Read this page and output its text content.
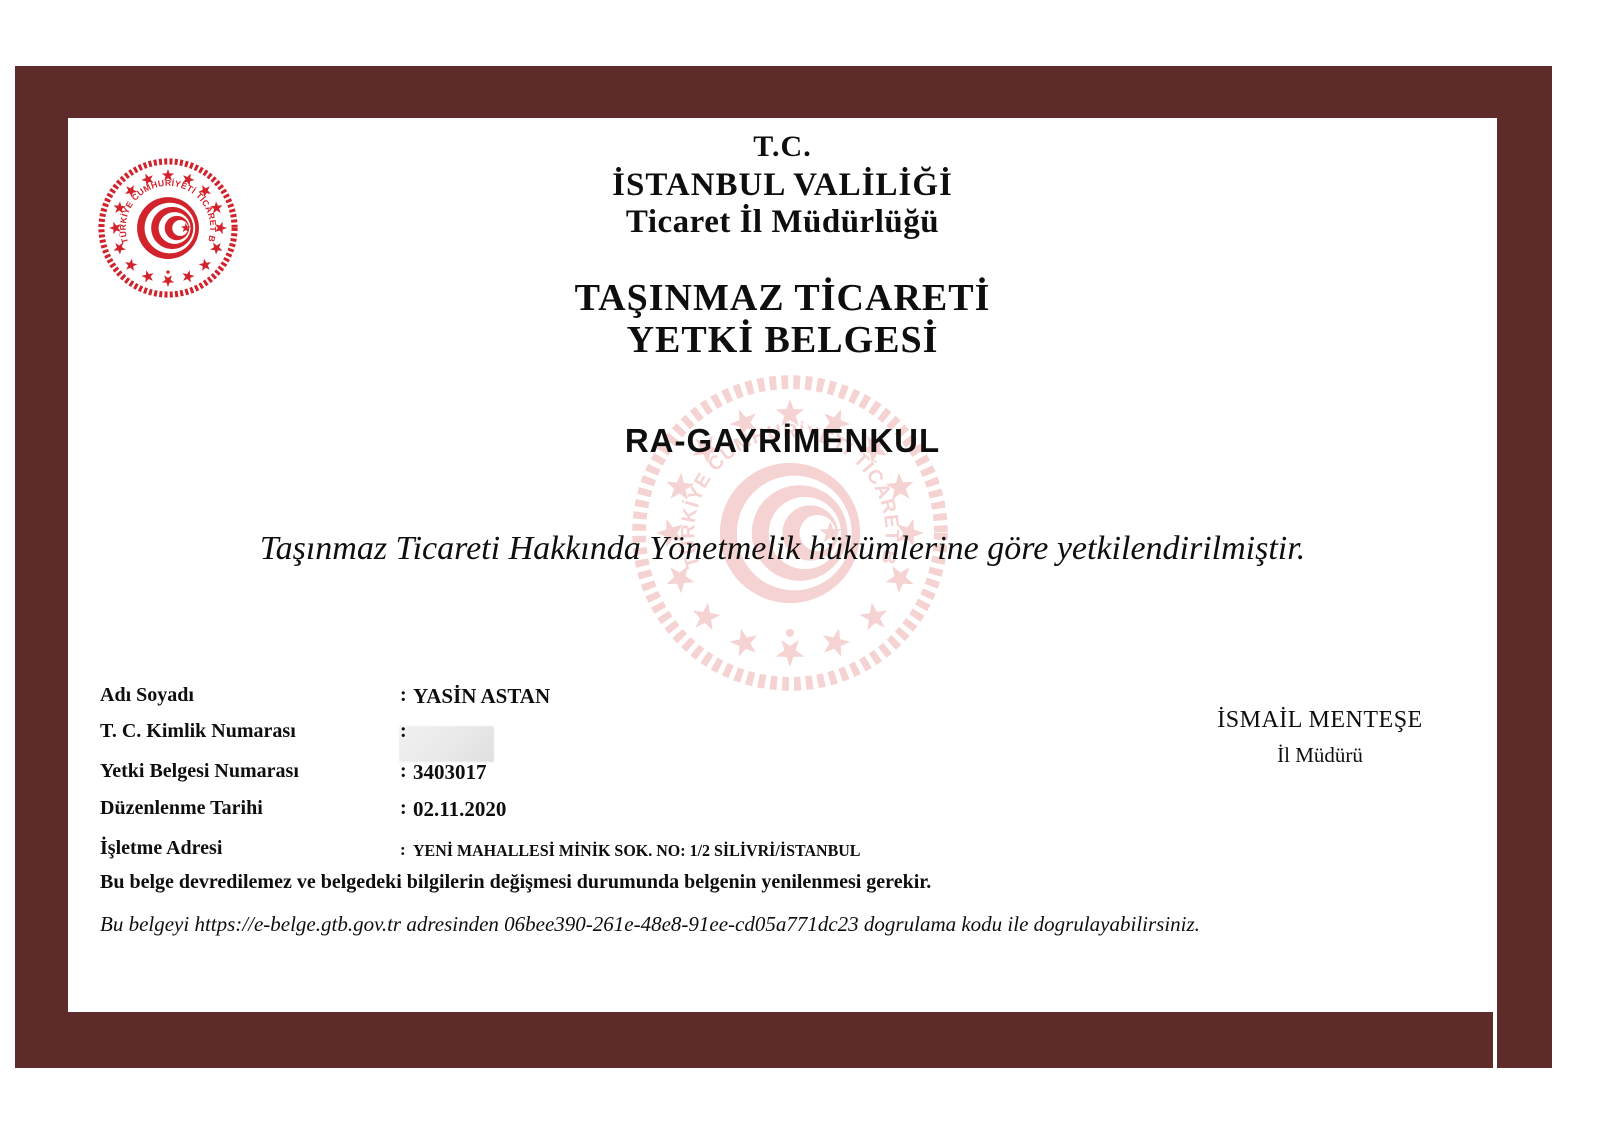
T.C.
İSTANBUL VALİLİĞİ
Ticaret İl Müdürlüğü
TAŞINMAZ TİCARETİ
YETKİ BELGESİ
RA-GAYRİMENKUL
Taşınmaz Ticareti Hakkında Yönetmelik hükümlerine göre yetkilendirilmiştir.
Adı Soyadı	: YASİN ASTAN
T. C. Kimlik Numarası	:
Yetki Belgesi Numarası	: 3403017
Düzenlenme Tarihi	: 02.11.2020
İşletme Adresi	: YENİ MAHALLESİ MİNİK SOK. NO: 1/2 SİLİVRİ/İSTANBUL
İSMAİL MENTEŞE
İl Müdürü
Bu belge devredilemez ve belgedeki bilgilerin değişmesi durumunda belgenin yenilenmesi gerekir.
Bu belgeyi https://e-belge.gtb.gov.tr adresinden 06bee390-261e-48e8-91ee-cd05a771dc23 dogrulama kodu ile dogrulayabilirsiniz.
